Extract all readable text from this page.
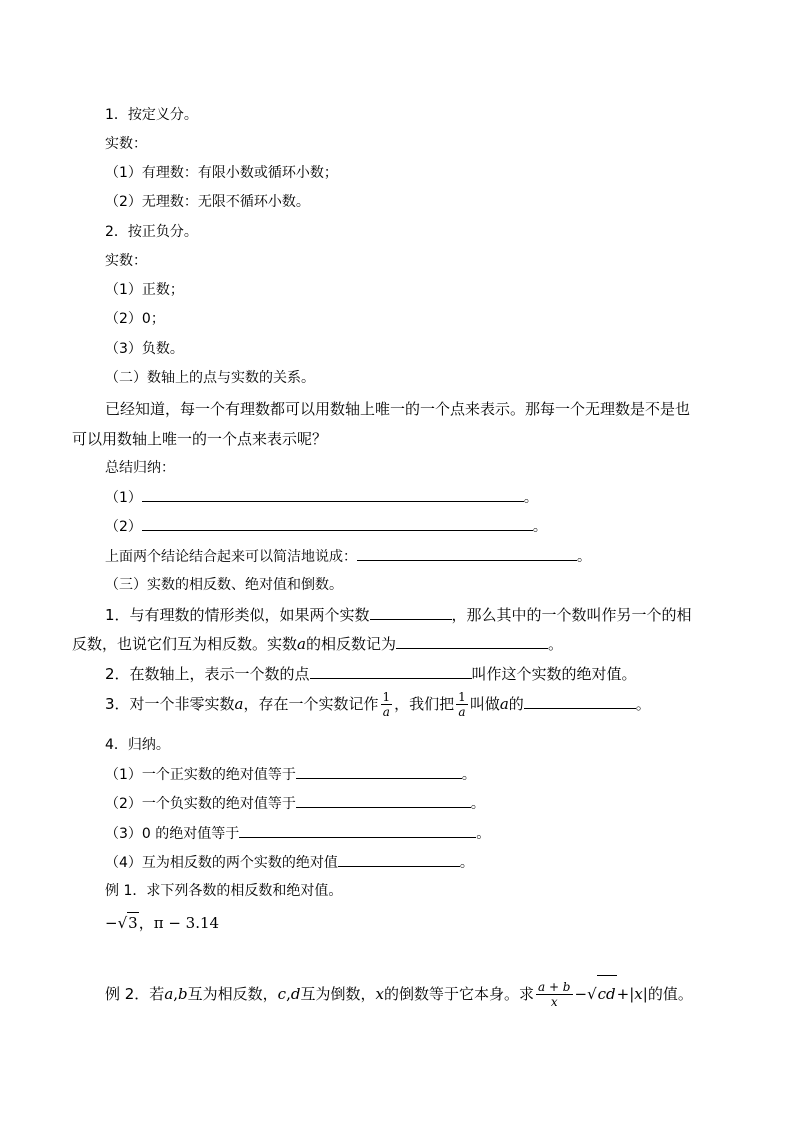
1．按定义分。
实数：
（1）有理数：有限小数或循环小数；
（2）无理数：无限不循环小数。
2．按正负分。
实数：
（1）正数；
（2）0；
（3）负数。
（二）数轴上的点与实数的关系。
已经知道，每一个有理数都可以用数轴上唯一的一个点来表示。那每一个无理数是不是也
可以用数轴上唯一的一个点来表示呢？
总结归纳：
（1）	。
（2）	。
上面两个结论结合起来可以简洁地说成：	。
（三）实数的相反数、绝对值和倒数。
1．与有理数的情形类似，如果两个实数	，那么其中的一个数叫作另一个的相
反数，也说它们互为相反数。实数a的相反数记为	。
2．在数轴上，表示一个数的点	叫作这个实数的绝对值。
3．对一个非零实数a，存在一个实数记作 $\frac{1}{a}$ ，我们把 $\frac{1}{a}$ 叫做a的	。
4．归纳。
（1）一个正实数的绝对值等于	。
（2）一个负实数的绝对值等于	。
（3）0 的绝对值等于	。
（4）互为相反数的两个实数的绝对值	。
例 1．求下列各数的相反数和绝对值。
−√3，π − 3.14
例 2．若a,b互为相反数，c,d互为倒数，x的倒数等于它本身。求 $\frac{a + b}{x} -√cd+|x|$的值。
